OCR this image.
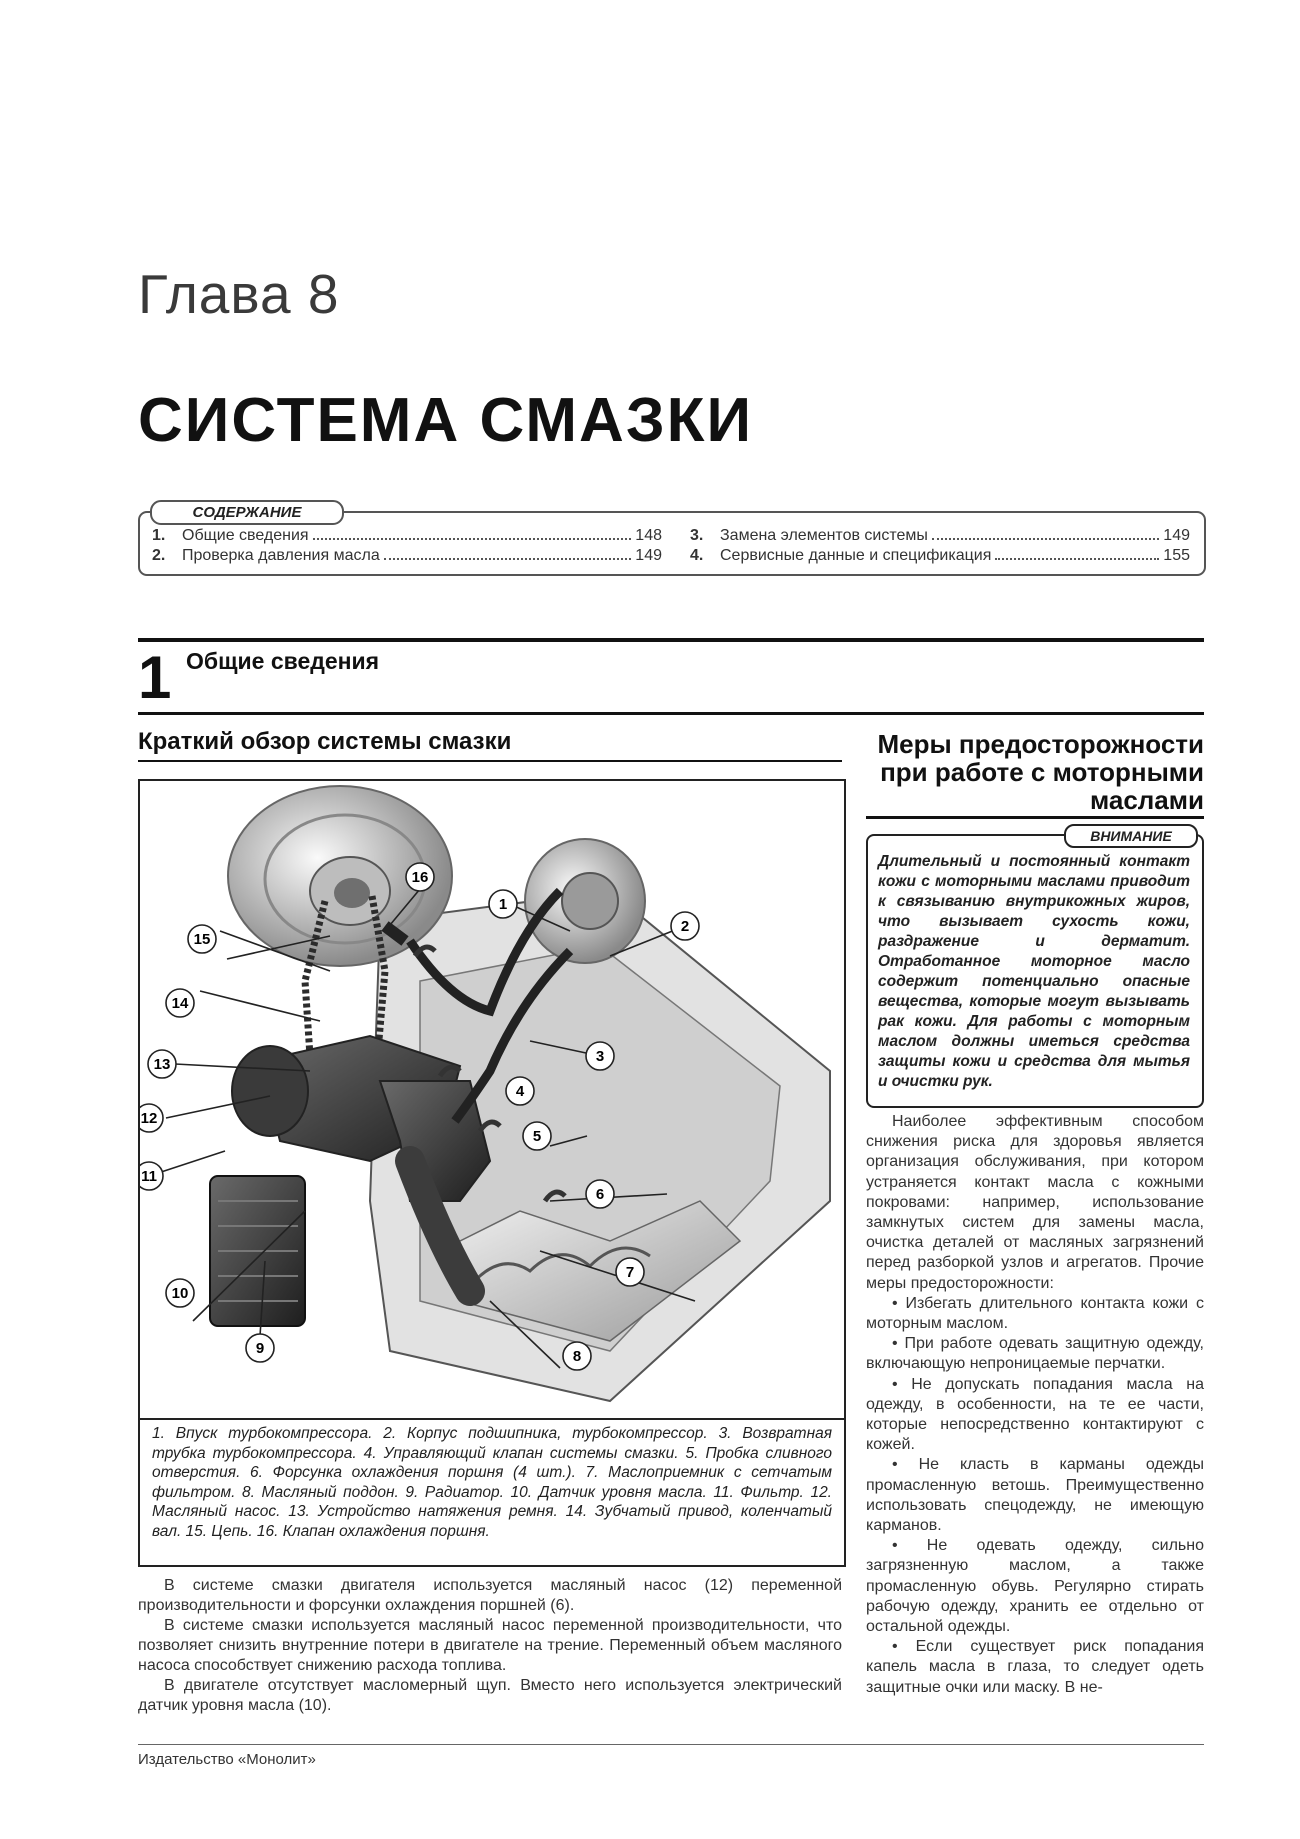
Глава 8
СИСТЕМА СМАЗКИ
СОДЕРЖАНИЕ
1.	Общие сведения	148
2.	Проверка давления масла	149
3.	Замена элементов системы	149
4.	Сервисные данные и спецификация	155
1 Общие сведения
Краткий обзор системы смазки
1
2
3
4
5
6
7
8
9
10
11
12
13
14
15
16
1. Впуск турбокомпрессора. 2. Корпус подшипника, турбокомпрессор. 3. Возвратная трубка турбокомпрессора. 4. Управляющий клапан системы смазки. 5. Пробка сливного отверстия. 6. Форсунка охлаждения поршня (4 шт.). 7. Маслоприемник с сетчатым фильтром. 8. Масляный поддон. 9. Радиатор. 10. Датчик уровня масла. 11. Фильтр. 12. Масляный насос. 13. Устройство натяжения ремня. 14. Зубчатый привод, коленчатый вал. 15. Цепь. 16. Клапан охлаждения поршня.

В системе смазки двигателя используется масляный насос (12) переменной производительности и форсунки охлаждения поршней (6).

В системе смазки используется масляный насос переменной производительности, что позволяет снизить внутренние потери в двигателе на трение. Переменный объем масляного насоса способствует снижению расхода топлива.

В двигателе отсутствует масломерный щуп. Вместо него используется электрический датчик уровня масла (10).

Меры предосторожности при работе с моторными маслами
ВНИМАНИЕ
Длительный и постоянный контакт кожи с моторными маслами приводит к связыванию внутрикожных жиров, что вызывает сухость кожи, раздражение и дерматит. Отработанное моторное масло содержит потенциально опасные вещества, которые могут вызывать рак кожи. Для работы с моторным маслом должны иметься средства защиты кожи и средства для мытья и очистки рук.

Наиболее эффективным способом снижения риска для здоровья является организация обслуживания, при котором устраняется контакт масла с кожными покровами: например, использование замкнутых систем для замены масла, очистка деталей от масляных загрязнений перед разборкой узлов и агрегатов. Прочие меры предосторожности:

• Избегать длительного контакта кожи с моторным маслом.

• При работе одевать защитную одежду, включающую непроницаемые перчатки.

• Не допускать попадания масла на одежду, в особенности, на те ее части, которые непосредственно контактируют с кожей.

• Не класть в карманы одежды промасленную ветошь. Преимущественно использовать спецодежду, не имеющую карманов.

• Не одевать одежду, сильно загрязненную маслом, а также промасленную обувь. Регулярно стирать рабочую одежду, хранить ее отдельно от остальной одежды.

• Если существует риск попадания капель масла в глаза, то следует одеть защитные очки или маску. В не-

Издательство «Монолит»
